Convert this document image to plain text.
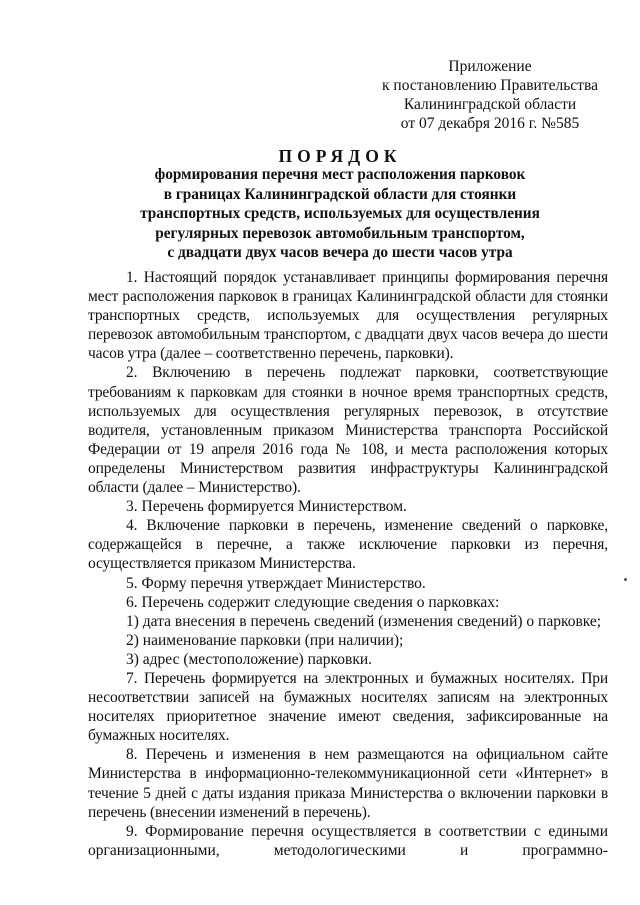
Приложение
к постановлению Правительства
Калининградской области
от 07 декабря 2016 г. №585
ПОРЯДОК
формирования перечня мест расположения парковок
в границах Калининградской области для стоянки
транспортных средств, используемых для осуществления
регулярных перевозок автомобильным транспортом,
с двадцати двух часов вечера до шести часов утра

1. Настоящий порядок устанавливает принципы формирования перечня мест расположения парковок в границах Калининградской области для стоянки транспортных средств, используемых для осуществления регулярных перевозок автомобильным транспортом, с двадцати двух часов вечера до шести часов утра (далее – соответственно перечень, парковки).

2. Включению в перечень подлежат парковки, соответствующие требованиям к парковкам для стоянки в ночное время транспортных средств, используемых для осуществления регулярных перевозок, в отсутствие водителя, установленным приказом Министерства транспорта Российской Федерации от 19 апреля 2016 года № 108, и места расположения которых определены Министерством развития инфраструктуры Калининградской области (далее – Министерство).

3. Перечень формируется Министерством.

4. Включение парковки в перечень, изменение сведений о парковке, содержащейся в перечне, а также исключение парковки из перечня, осуществляется приказом Министерства.

5. Форму перечня утверждает Министерство.

6. Перечень содержит следующие сведения о парковках:

1) дата внесения в перечень сведений (изменения сведений) о парковке;

2) наименование парковки (при наличии);

3) адрес (местоположение) парковки.

7. Перечень формируется на электронных и бумажных носителях. При несоответствии записей на бумажных носителях записям на электронных носителях приоритетное значение имеют сведения, зафиксированные на бумажных носителях.

8. Перечень и изменения в нем размещаются на официальном сайте Министерства в информационно-телекоммуникационной сети «Интернет» в течение 5 дней с даты издания приказа Министерства о включении парковки в перечень (внесении изменений в перечень).

9. Формирование перечня осуществляется в соответствии с едиными организационными, методологическими и программно-
